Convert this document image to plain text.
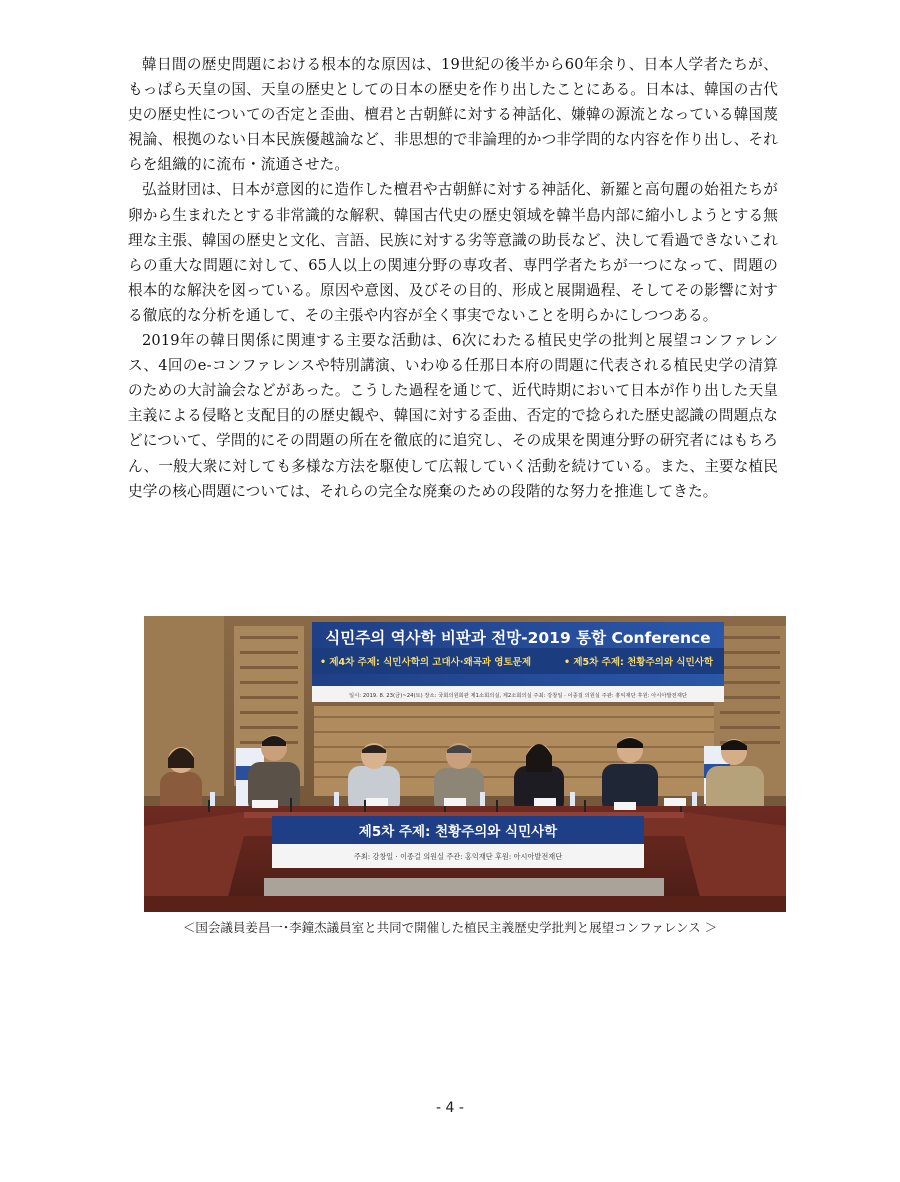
韓日間の歴史問題における根本的な原因は、19世紀の後半から60年余り、日本人学者たちが、もっぱら天皇の国、天皇の歴史としての日本の歴史を作り出したことにある。日本は、韓国の古代史の歴史性についての否定と歪曲、檀君と古朝鮮に対する神話化、嫌韓の源流となっている韓国蔑視論、根拠のない日本民族優越論など、非思想的で非論理的かつ非学問的な内容を作り出し、それらを組織的に流布・流通させた。

弘益財団は、日本が意図的に造作した檀君や古朝鮮に対する神話化、新羅と高句麗の始祖たちが卵から生まれたとする非常識的な解釈、韓国古代史の歴史領域を韓半島内部に縮小しようとする無理な主張、韓国の歴史と文化、言語、民族に対する劣等意識の助長など、決して看過できないこれらの重大な問題に対して、65人以上の関連分野の専攻者、専門学者たちが一つになって、問題の根本的な解決を図っている。原因や意図、及びその目的、形成と展開過程、そしてその影響に対する徹底的な分析を通して、その主張や内容が全く事実でないことを明らかにしつつある。

2019年の韓日関係に関連する主要な活動は、6次にわたる植民史学の批判と展望コンファレンス、4回のe-コンファレンスや特別講演、いわゆる任那日本府の問題に代表される植民史学の清算のための大討論会などがあった。こうした過程を通じて、近代時期において日本が作り出した天皇主義による侵略と支配目的の歴史観や、韓国に対する歪曲、否定的で捻られた歴史認識の問題点などについて、学問的にその問題の所在を徹底的に追究し、その成果を関連分野の研究者にはもちろん、一般大衆に対しても多様な方法を駆使して広報していく活動を続けている。また、主要な植民史学の核心問題については、それらの完全な廃棄のための段階的な努力を推進してきた。

식민주의 역사학 비판과 전망-2019 통합 Conference
• 제4차 주제: 식민사학의 고대사·왜곡과 영토문제	• 제5차 주제: 천황주의와 식민사학
일시: 2019. 8. 23(금)~24(토) 장소: 국회의원회관 제1소회의실, 제2소회의실 주최: 강창일 · 이종걸 의원실 주관: 홍익재단 후원: 아시아발전재단
제5차 주제: 천황주의와 식민사학
주최: 강창일 · 이종걸 의원실 주관: 홍익재단 후원: 아시아발전재단
＜国会議員姜昌一･李鐘杰議員室と共同で開催した植民主義歴史学批判と展望コンファレンス ＞
- 4 -
